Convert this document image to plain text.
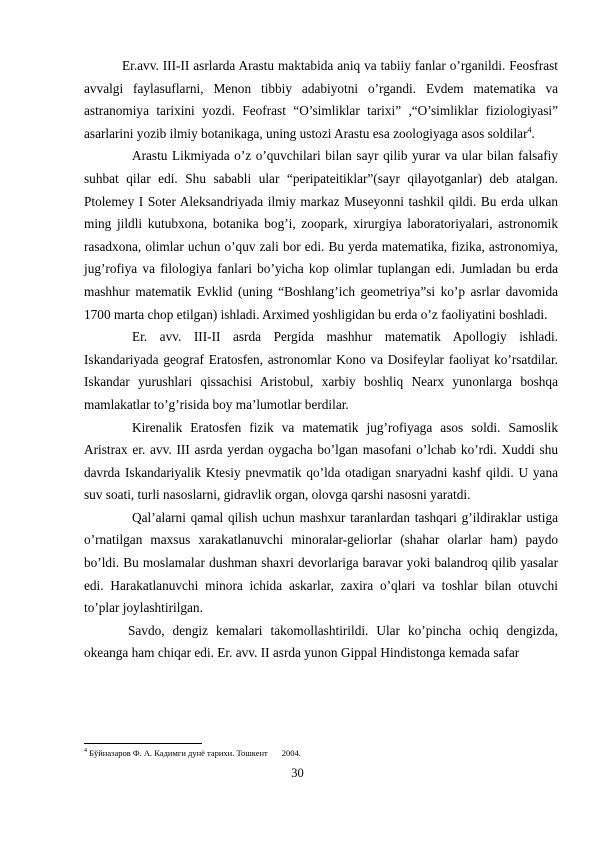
Er.avv. III-II asrlarda Arastu maktabida aniq va tabiiy fanlar o’rganildi. Feosfrast avvalgi faylasuflarni, Menon tibbiy adabiyotni o’rgandi. Evdem matematika va astranomiya tarixini yozdi. Feofrast “O’simliklar tarixi” ,“O’simliklar fiziologiyasi” asarlarini yozib ilmiy botanikaga, uning ustozi Arastu esa zoologiyaga asos soldilar$^4$.

Arastu Likmiyada o’z o’quvchilari bilan sayr qilib yurar va ular bilan falsafiy suhbat qilar edi. Shu sababli ular “peripateitiklar”(sayr qilayotganlar) deb atalgan. Ptolemey I Soter Aleksandriyada ilmiy markaz Museyonni tashkil qildi. Bu erda ulkan ming jildli kutubxona, botanika bog’i, zoopark, xirurgiya laboratoriyalari, astronomik rasadxona, olimlar uchun o’quv zali bor edi. Bu yerda matematika, fizika, astronomiya, jug’rofiya va filologiya fanlari bo’yicha kop olimlar tuplangan edi. Jumladan bu erda mashhur matematik Evklid (uning “Boshlang’ich geometriya”si ko’p asrlar davomida 1700 marta chop etilgan) ishladi. Arximed yoshligidan bu erda o’z faoliyatini boshladi.

Er. avv. III-II asrda Pergida mashhur matematik Apollogiy ishladi. Iskandariyada geograf Eratosfen, astronomlar Kono va Dosifeylar faoliyat ko’rsatdilar. Iskandar yurushlari qissachisi Aristobul, xarbiy boshliq Nearx yunonlarga boshqa mamlakatlar to’g’risida boy ma’lumotlar berdilar.

Kirenalik Eratosfen fizik va matematik jug’rofiyaga asos soldi. Samoslik Aristrax er. avv. III asrda yerdan oygacha bo’lgan masofani o’lchab ko’rdi. Xuddi shu davrda Iskandariyalik Ktesiy pnevmatik qo’lda otadigan snaryadni kashf qildi. U yana suv soati, turli nasoslarni, gidravlik organ, olovga qarshi nasosni yaratdi.

Qal’alarni qamal qilish uchun mashxur taranlardan tashqari g’ildiraklar ustiga o’rnatilgan maxsus xarakatlanuvchi minoralar-geliorlar (shahar olarlar ham) paydo bo’ldi. Bu moslamalar dushman shaxri devorlariga baravar yoki balandroq qilib yasalar edi. Harakatlanuvchi minora ichida askarlar, zaxira o’qlari va toshlar bilan otuvchi to’plar joylashtirilgan.

Savdo, dengiz kemalari takomollashtirildi. Ular ko’pincha ochiq dengizda, okeanga ham chiqar edi. Er. avv. II asrda yunon Gippal Hindistonga kemada safar

$^4$ Бўйназаров Ф. А. Кадимги дунё тарихи. Тошкент 2004.
30
